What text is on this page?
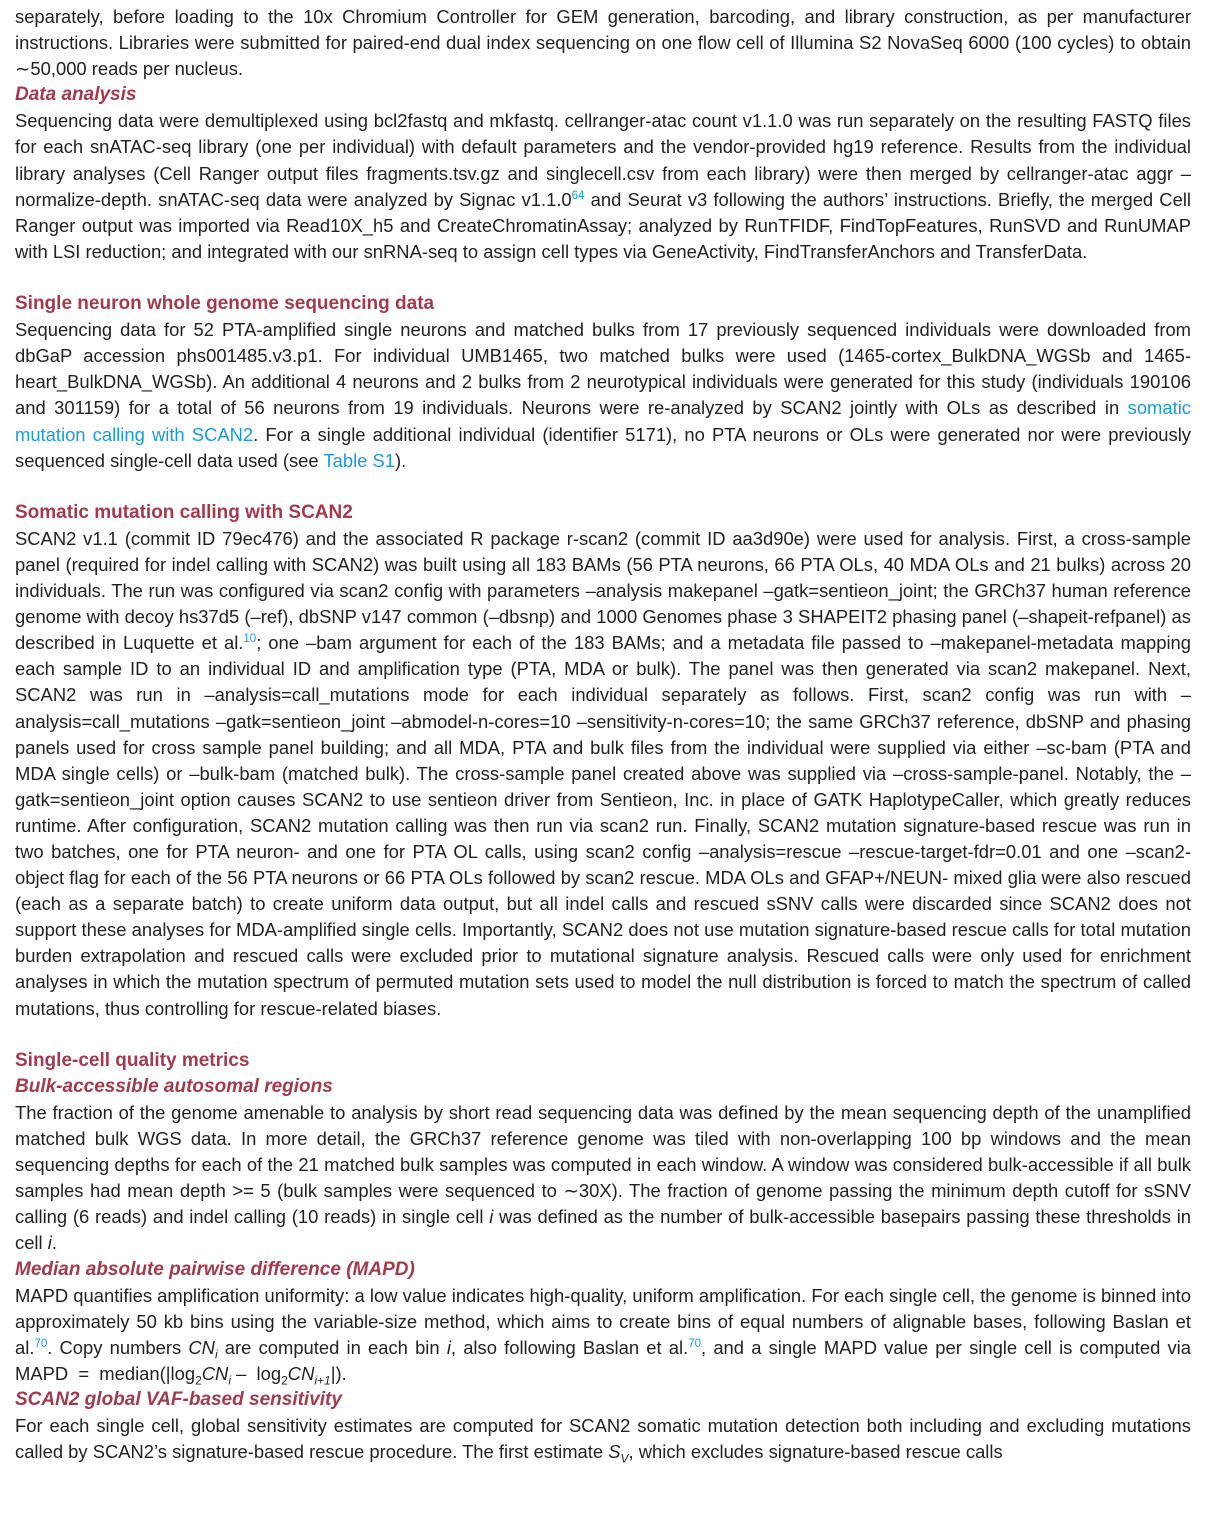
separately, before loading to the 10x Chromium Controller for GEM generation, barcoding, and library construction, as per manufacturer instructions. Libraries were submitted for paired-end dual index sequencing on one flow cell of Illumina S2 NovaSeq 6000 (100 cycles) to obtain ∼50,000 reads per nucleus.
Data analysis
Sequencing data were demultiplexed using bcl2fastq and mkfastq. cellranger-atac count v1.1.0 was run separately on the resulting FASTQ files for each snATAC-seq library (one per individual) with default parameters and the vendor-provided hg19 reference. Results from the individual library analyses (Cell Ranger output files fragments.tsv.gz and singlecell.csv from each library) were then merged by cellranger-atac aggr –normalize-depth. snATAC-seq data were analyzed by Signac v1.1.0$^{64}$ and Seurat v3 following the authors’ instructions. Briefly, the merged Cell Ranger output was imported via Read10X_h5 and CreateChromatinAssay; analyzed by RunTFIDF, FindTopFeatures, RunSVD and RunUMAP with LSI reduction; and integrated with our snRNA-seq to assign cell types via GeneActivity, FindTransferAnchors and TransferData.
Single neuron whole genome sequencing data
Sequencing data for 52 PTA-amplified single neurons and matched bulks from 17 previously sequenced individuals were downloaded from dbGaP accession phs001485.v3.p1. For individual UMB1465, two matched bulks were used (1465-cortex_BulkDNA_WGSb and 1465-heart_BulkDNA_WGSb). An additional 4 neurons and 2 bulks from 2 neurotypical individuals were generated for this study (individuals 190106 and 301159) for a total of 56 neurons from 19 individuals. Neurons were re-analyzed by SCAN2 jointly with OLs as described in somatic mutation calling with SCAN2. For a single additional individual (identifier 5171), no PTA neurons or OLs were generated nor were previously sequenced single-cell data used (see Table S1).
Somatic mutation calling with SCAN2
SCAN2 v1.1 (commit ID 79ec476) and the associated R package r-scan2 (commit ID aa3d90e) were used for analysis. First, a cross-sample panel (required for indel calling with SCAN2) was built using all 183 BAMs (56 PTA neurons, 66 PTA OLs, 40 MDA OLs and 21 bulks) across 20 individuals. The run was configured via scan2 config with parameters –analysis makepanel –gatk=sentieon_joint; the GRCh37 human reference genome with decoy hs37d5 (–ref), dbSNP v147 common (–dbsnp) and 1000 Genomes phase 3 SHAPEIT2 phasing panel (–shapeit-refpanel) as described in Luquette et al.$^{10}$; one –bam argument for each of the 183 BAMs; and a metadata file passed to –makepanel-metadata mapping each sample ID to an individual ID and amplification type (PTA, MDA or bulk). The panel was then generated via scan2 makepanel. Next, SCAN2 was run in –analysis=call_mutations mode for each individual separately as follows. First, scan2 config was run with –analysis=call_mutations –gatk=sentieon_joint –abmodel-n-cores=10 –sensitivity-n-cores=10; the same GRCh37 reference, dbSNP and phasing panels used for cross sample panel building; and all MDA, PTA and bulk files from the individual were supplied via either –sc-bam (PTA and MDA single cells) or –bulk-bam (matched bulk). The cross-sample panel created above was supplied via –cross-sample-panel. Notably, the –gatk=sentieon_joint option causes SCAN2 to use sentieon driver from Sentieon, Inc. in place of GATK HaplotypeCaller, which greatly reduces runtime. After configuration, SCAN2 mutation calling was then run via scan2 run. Finally, SCAN2 mutation signature-based rescue was run in two batches, one for PTA neuron- and one for PTA OL calls, using scan2 config –analysis=rescue –rescue-target-fdr=0.01 and one –scan2-object flag for each of the 56 PTA neurons or 66 PTA OLs followed by scan2 rescue. MDA OLs and GFAP+/NEUN- mixed glia were also rescued (each as a separate batch) to create uniform data output, but all indel calls and rescued sSNV calls were discarded since SCAN2 does not support these analyses for MDA-amplified single cells. Importantly, SCAN2 does not use mutation signature-based rescue calls for total mutation burden extrapolation and rescued calls were excluded prior to mutational signature analysis. Rescued calls were only used for enrichment analyses in which the mutation spectrum of permuted mutation sets used to model the null distribution is forced to match the spectrum of called mutations, thus controlling for rescue-related biases.
Single-cell quality metrics
Bulk-accessible autosomal regions
The fraction of the genome amenable to analysis by short read sequencing data was defined by the mean sequencing depth of the unamplified matched bulk WGS data. In more detail, the GRCh37 reference genome was tiled with non-overlapping 100 bp windows and the mean sequencing depths for each of the 21 matched bulk samples was computed in each window. A window was considered bulk-accessible if all bulk samples had mean depth >= 5 (bulk samples were sequenced to ∼30X). The fraction of genome passing the minimum depth cutoff for sSNV calling (6 reads) and indel calling (10 reads) in single cell i was defined as the number of bulk-accessible basepairs passing these thresholds in cell i.
Median absolute pairwise difference (MAPD)
MAPD quantifies amplification uniformity: a low value indicates high-quality, uniform amplification. For each single cell, the genome is binned into approximately 50 kb bins using the variable-size method, which aims to create bins of equal numbers of alignable bases, following Baslan et al.$^{70}$. Copy numbers $CN_i$ are computed in each bin i, also following Baslan et al.$^{70}$, and a single MAPD value per single cell is computed via MAPD  =  $median(|\log_2CN_i - \log_2CN_{i+1}|)$.
SCAN2 global VAF-based sensitivity
For each single cell, global sensitivity estimates are computed for SCAN2 somatic mutation detection both including and excluding mutations called by SCAN2’s signature-based rescue procedure. The first estimate $S_V$, which excludes signature-based rescue calls
